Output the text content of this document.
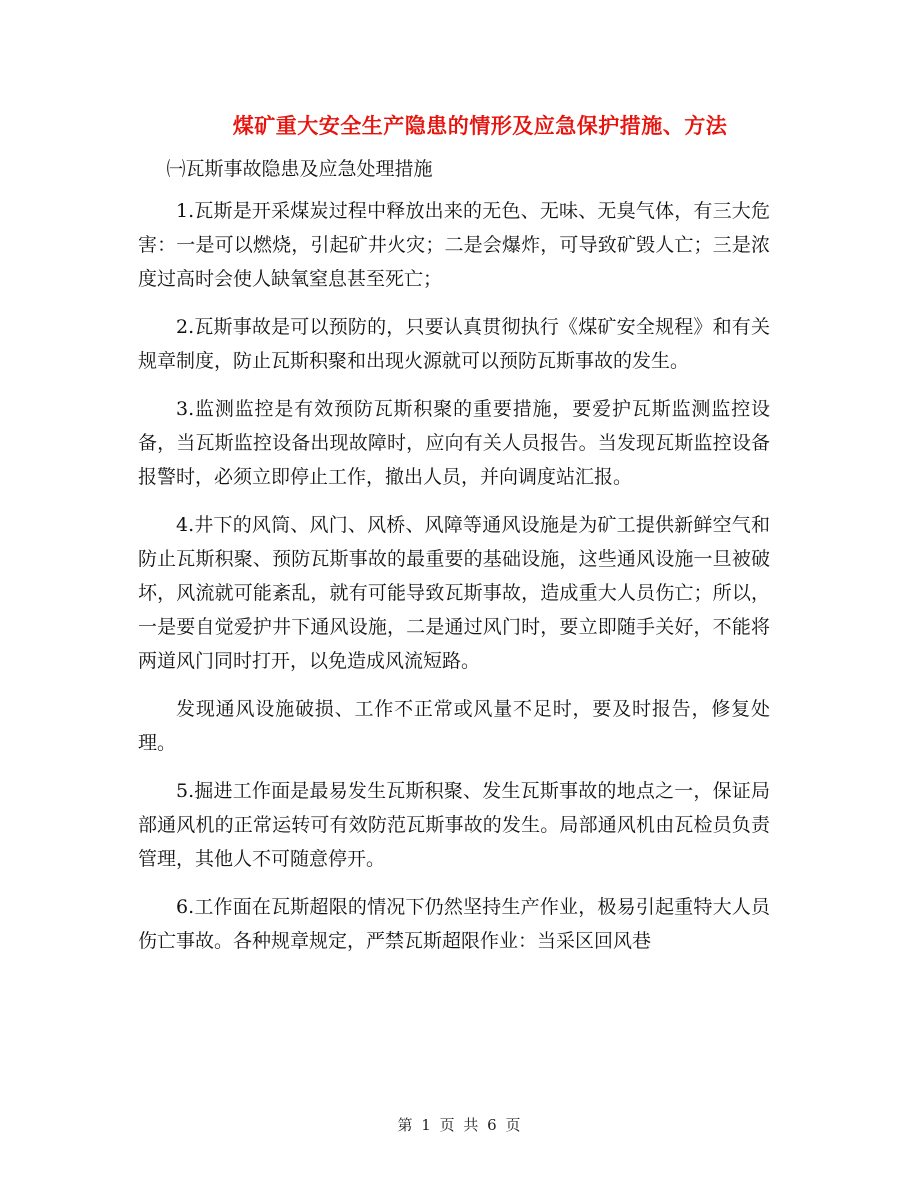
煤矿重大安全生产隐患的情形及应急保护措施、方法

㈠瓦斯事故隐患及应急处理措施

1.瓦斯是开采煤炭过程中释放出来的无色、无味、无臭气体，有三大危害：一是可以燃烧，引起矿井火灾；二是会爆炸，可导致矿毁人亡；三是浓度过高时会使人缺氧窒息甚至死亡；

2.瓦斯事故是可以预防的，只要认真贯彻执行《煤矿安全规程》和有关规章制度，防止瓦斯积聚和出现火源就可以预防瓦斯事故的发生。

3.监测监控是有效预防瓦斯积聚的重要措施，要爱护瓦斯监测监控设备，当瓦斯监控设备出现故障时，应向有关人员报告。当发现瓦斯监控设备报警时，必须立即停止工作，撤出人员，并向调度站汇报。

4.井下的风筒、风门、风桥、风障等通风设施是为矿工提供新鲜空气和防止瓦斯积聚、预防瓦斯事故的最重要的基础设施，这些通风设施一旦被破坏，风流就可能紊乱，就有可能导致瓦斯事故，造成重大人员伤亡；所以，一是要自觉爱护井下通风设施，二是通过风门时，要立即随手关好，不能将两道风门同时打开，以免造成风流短路。

发现通风设施破损、工作不正常或风量不足时，要及时报告，修复处理。

5.掘进工作面是最易发生瓦斯积聚、发生瓦斯事故的地点之一，保证局部通风机的正常运转可有效防范瓦斯事故的发生。局部通风机由瓦检员负责管理，其他人不可随意停开。

6.工作面在瓦斯超限的情况下仍然坚持生产作业，极易引起重特大人员伤亡事故。各种规章规定，严禁瓦斯超限作业：当采区回风巷

第 1 页 共 6 页
